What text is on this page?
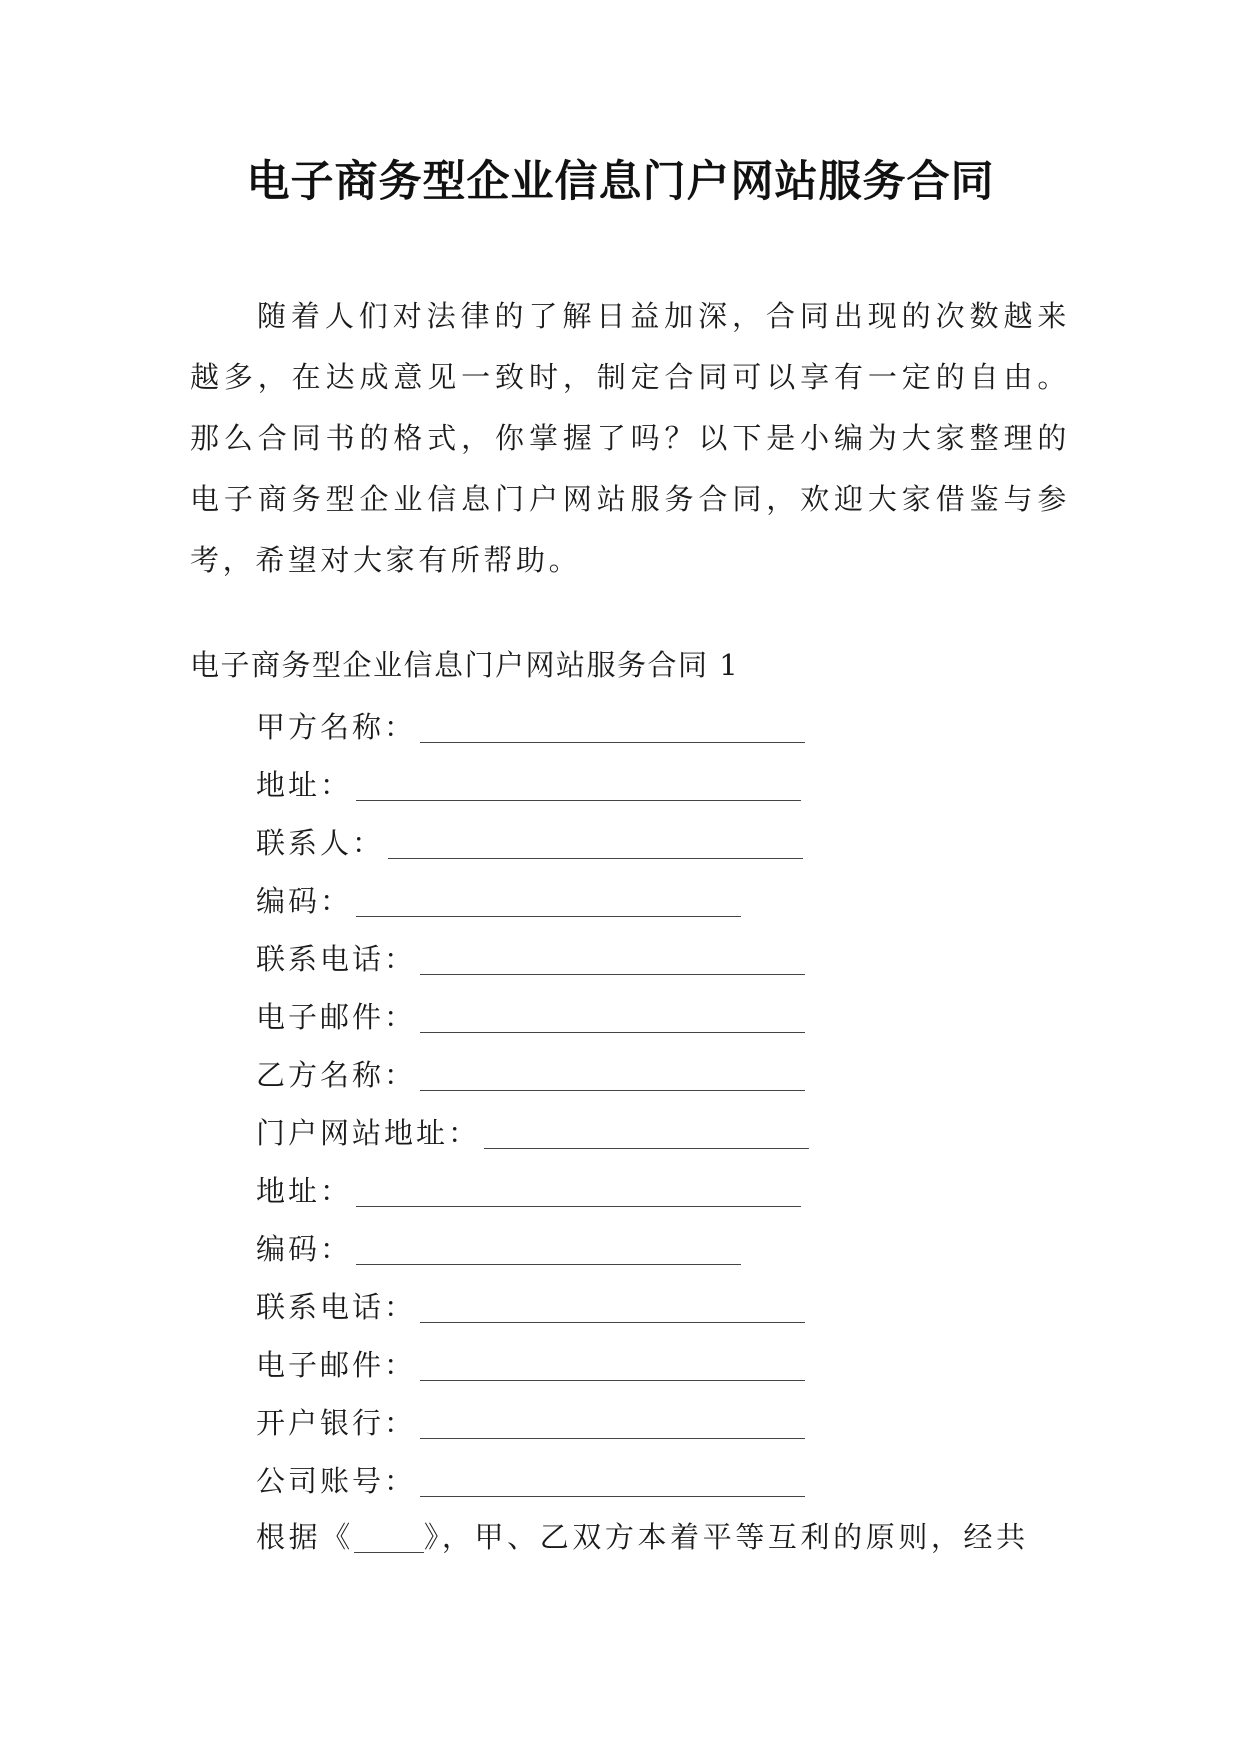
电子商务型企业信息门户网站服务合同
随着人们对法律的了解日益加深，合同出现的次数越来越多，在达成意见一致时，制定合同可以享有一定的自由。那么合同书的格式，你掌握了吗？以下是小编为大家整理的电子商务型企业信息门户网站服务合同，欢迎大家借鉴与参考，希望对大家有所帮助。
电子商务型企业信息门户网站服务合同 1
甲方名称：
地址：
联系人：
编码：
联系电话：
电子邮件：
乙方名称：
门户网站地址：
地址：
编码：
联系电话：
电子邮件：
开户银行：
公司账号：
根据《 》，甲、乙双方本着平等互利的原则，经共
